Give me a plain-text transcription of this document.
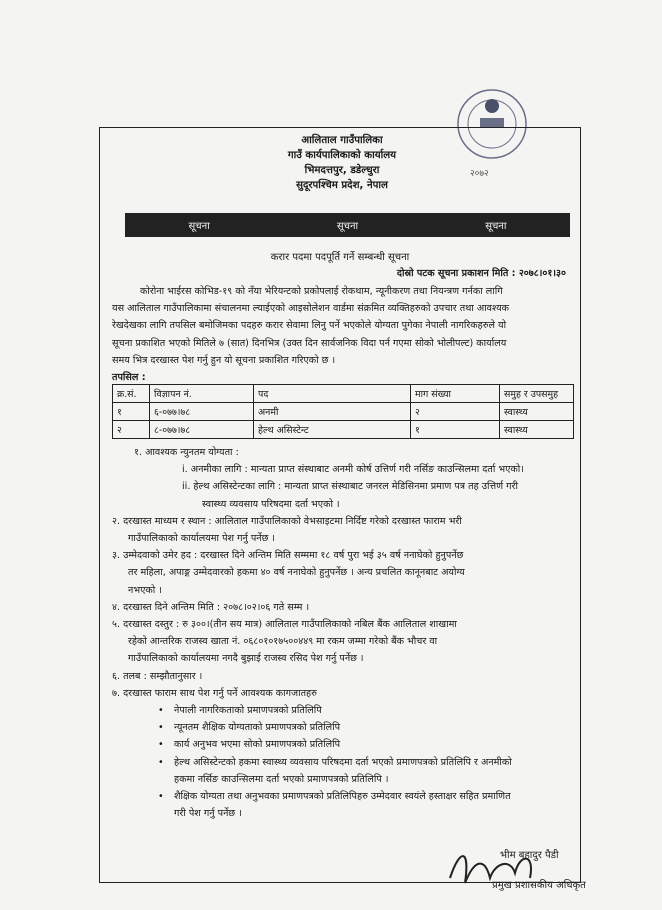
२०७२
आलिताल गाउँपालिका
गाउँ कार्यपालिकाको कार्यालय
भिमदत्तपुर, डडेल्धुरा
सुदूरपश्चिम प्रदेश, नेपाल
सूचना	सूचना	सूचना
करार पदमा पदपूर्ति गर्ने सम्बन्धी सूचना
दोस्रो पटक सूचना प्रकाशन मिति : २०७८।०१।३०
कोरोना भाईरस कोभिड-१९ को नँया भेरियन्टको प्रकोपलाई रोकथाम, न्यूनीकरण तथा नियन्त्रण गर्नका लागि
यस आलिताल गाउँपालिकामा संचालनमा ल्याईएको आइसोलेशन वार्डमा संक्रमित व्यक्तिहरुको उपचार तथा आवश्यक
रेखदेखका लागि तपसिल बमोजिमका पदहरु करार सेवामा लिनु पर्ने भएकोले योग्यता पुगेका नेपाली नागरिकहरुले यो
सूचना प्रकाशित भएको मितिले ७ (सात) दिनभित्र (उक्त दिन सार्वजनिक विदा पर्न गएमा सोको भोलीपल्ट) कार्यालय
समय भित्र दरखास्त पेश गर्नु हुन यो सूचना प्रकाशित गरिएको छ ।
तपसिल :
क्र.सं.	विज्ञापन नं.	पद	माग संख्या	समुह र उपसमुह
१	६-०७७।७८	अनमी	२	स्वास्थ्य
२	८-०७७।७८	हेल्थ असिस्टेन्ट	१	स्वास्थ्य
१. आवश्यक न्युनतम योग्यता :
i. अनमीका लागि : मान्यता प्राप्त संस्थाबाट अनमी कोर्ष उत्तिर्ण गरी नर्सिङ काउन्सिलमा दर्ता भएको।
ii. हेल्थ असिस्टेन्टका लागि : मान्यता प्राप्त संस्थाबाट जनरल मेडिसिनमा प्रमाण पत्र तह उत्तिर्ण गरी
स्वास्थ्य व्यवसाय परिषदमा दर्ता भएको ।
२. दरखास्त माध्यम र स्थान : आलिताल गाउँपालिकाको वेभसाइटमा निर्दिष्ट गरेको दरखास्त फाराम भरी
गाउँपालिकाको कार्यालयमा पेश गर्नु पर्नेछ ।
३. उम्मेदवाको उमेर हद : दरखास्त दिने अन्तिम मिति सम्ममा १८ वर्ष पुरा भई ३५ वर्ष ननाघेको हुनुपर्नेछ
तर महिला, अपाङ्ग उम्मेदवारको हकमा ४० वर्ष ननाघेको हुनुपर्नेछ । अन्य प्रचलित कानूनबाट अयोग्य
नभएको ।
४. दरखास्त दिने अन्तिम मिति : २०७८।०२।०६ गते सम्म ।
५. दरखास्त दस्तुर : रु ३००।(तीन सय मात्र) आलिताल गाउँपालिकाको नबिल बैंक आलिताल शाखामा
रहेको आन्तरिक राजस्व खाता नं. ०६८०१०१७५००४४९ मा रकम जम्मा गरेको बैंक भौचर वा
गाउँपालिकाको कार्यालयमा नगदै बुझाई राजस्व रसिद पेश गर्नु पर्नेछ ।
६. तलब : सम्झौतानुसार ।
७. दरखास्त फाराम साथ पेश गर्नु पर्ने आवश्यक कागजातहरु
• नेपाली नागरिकताको प्रमाणपत्रको प्रतिलिपि
• न्यूनतम शैक्षिक योग्यताको प्रमाणपत्रको प्रतिलिपि
• कार्य अनुभव भएमा सोको प्रमाणपत्रको प्रतिलिपि
• हेल्थ असिस्टेन्टको हकमा स्वास्थ्य व्यवसाय परिषदमा दर्ता भएको प्रमाणपत्रको प्रतिलिपि र अनमीको
हकमा नर्सिङ काउन्सिलमा दर्ता भएको प्रमाणपत्रको प्रतिलिपि ।
• शैक्षिक योग्यता तथा अनुभवका प्रमाणपत्रको प्रतिलिपिहरु उम्मेदवार स्वयंले हस्ताक्षर सहित प्रमाणित
गरी पेश गर्नु पर्नेछ ।
भीम बहादुर पैडी
प्रमुख प्रशासकीय अधिकृत
